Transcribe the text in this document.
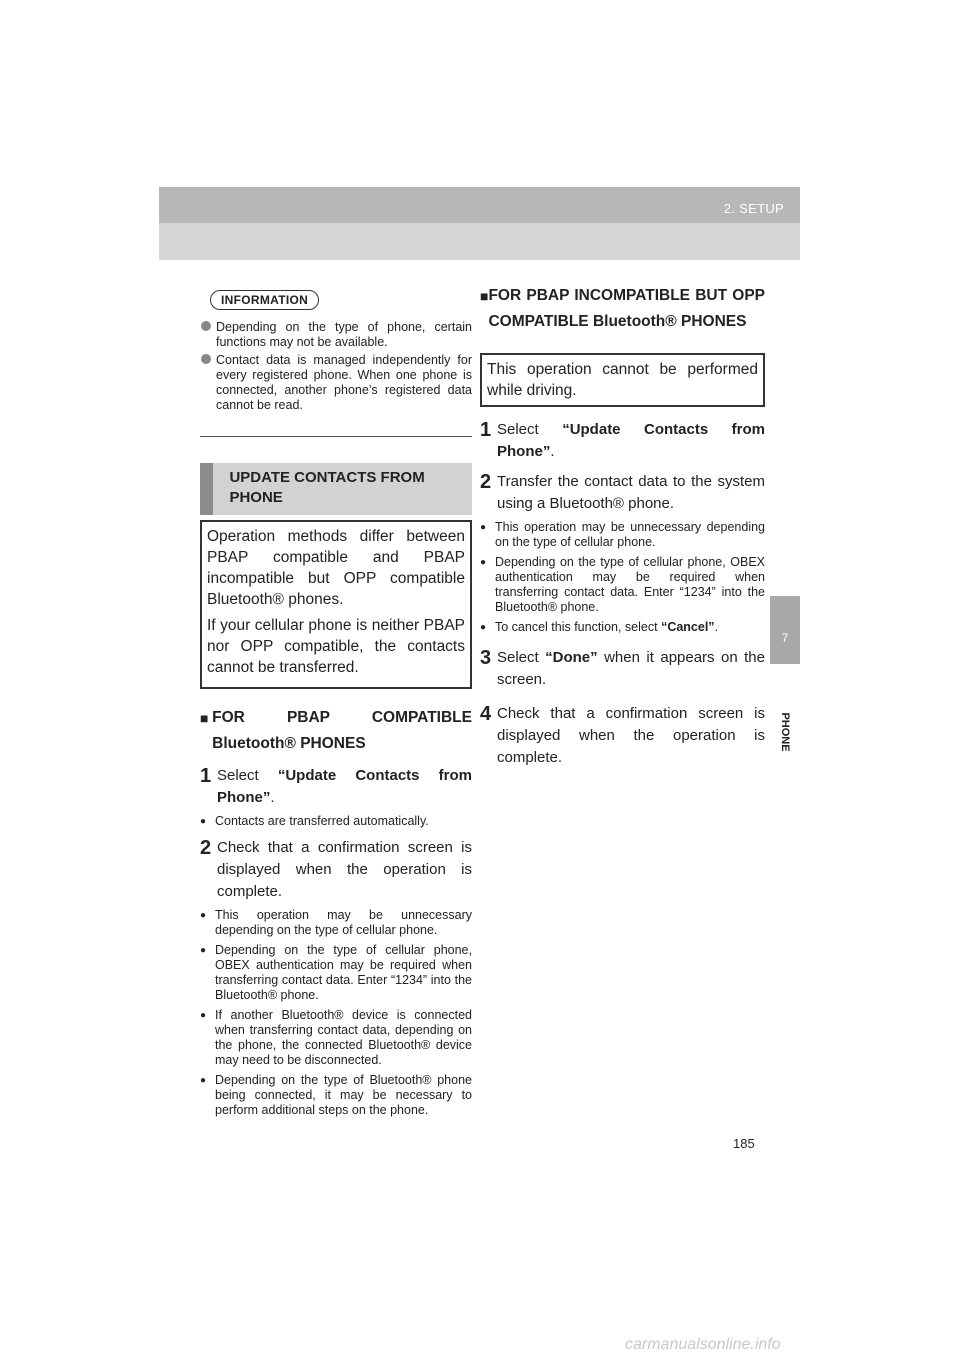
2. SETUP
7
PHONE
INFORMATION
Depending on the type of phone, certain functions may not be available.
Contact data is managed independently for every registered phone. When one phone is connected, another phone’s registered data cannot be read.
UPDATE CONTACTS FROM PHONE

Operation methods differ between PBAP compatible and PBAP incompatible but OPP compatible Bluetooth® phones.

If your cellular phone is neither PBAP nor OPP compatible, the contacts cannot be transferred.

■ FOR PBAP COMPATIBLE Bluetooth® PHONES
1 Select “Update Contacts from Phone”.
● Contacts are transferred automatically.
2 Check that a confirmation screen is displayed when the operation is complete.
● This operation may be unnecessary depending on the type of cellular phone.
● Depending on the type of cellular phone, OBEX authentication may be required when transferring contact data. Enter “1234” into the Bluetooth® phone.
● If another Bluetooth® device is connected when transferring contact data, depending on the phone, the connected Bluetooth® device may need to be disconnected.
● Depending on the type of Bluetooth® phone being connected, it may be necessary to perform additional steps on the phone.
■ FOR PBAP INCOMPATIBLE BUT OPP COMPATIBLE Bluetooth® PHONES

This operation cannot be performed while driving.

1 Select “Update Contacts from Phone”.
2 Transfer the contact data to the system using a Bluetooth® phone.
● This operation may be unnecessary depending on the type of cellular phone.
● Depending on the type of cellular phone, OBEX authentication may be required when transferring contact data. Enter “1234” into the Bluetooth® phone.
● To cancel this function, select “Cancel”.
3 Select “Done” when it appears on the screen.
4 Check that a confirmation screen is displayed when the operation is complete.
185
carmanualsonline.info
